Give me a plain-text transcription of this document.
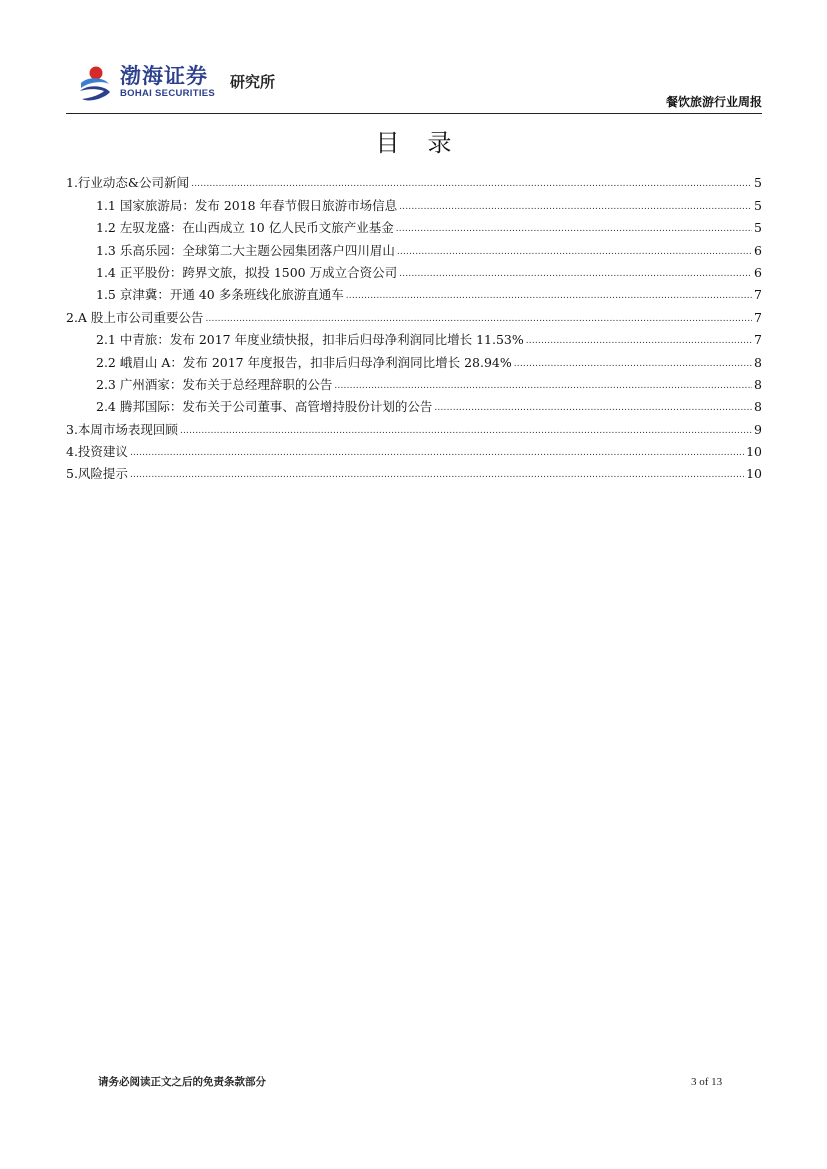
渤海证券
BOHAI SECURITIES
研究所
餐饮旅游行业周报
目录
1.行业动态&公司新闻 .....	5
1.1 国家旅游局：发布 2018 年春节假日旅游市场信息 .....	5
1.2 左驭龙盛：在山西成立 10 亿人民币文旅产业基金 .....	5
1.3 乐高乐园：全球第二大主题公园集团落户四川眉山 .....	6
1.4 正平股份：跨界文旅，拟投 1500 万成立合资公司 .....	6
1.5 京津冀：开通 40 多条班线化旅游直通车 .....	7
2.A 股上市公司重要公告 .....	7
2.1 中青旅：发布 2017 年度业绩快报，扣非后归母净利润同比增长 11.53% .....	7
2.2 峨眉山 A：发布 2017 年度报告，扣非后归母净利润同比增长 28.94% .....	8
2.3 广州酒家：发布关于总经理辞职的公告 .....	8
2.4 腾邦国际：发布关于公司董事、高管增持股份计划的公告 .....	8
3.本周市场表现回顾 .....	9
4.投资建议 .....	10
5.风险提示 .....	10
请务必阅读正文之后的免责条款部分	3 of 13
